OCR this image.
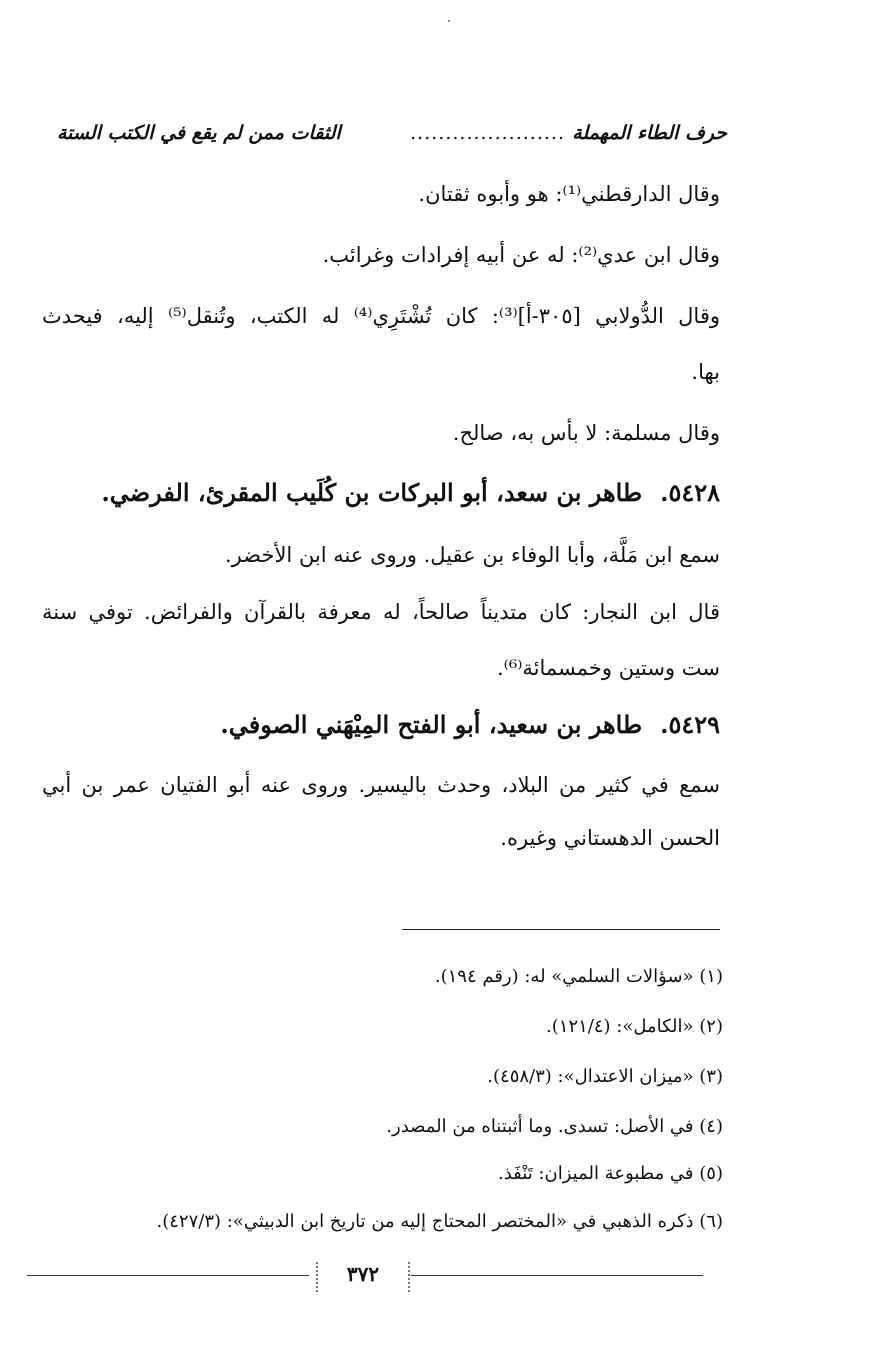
حرف الطاء المهملة
......................
الثقات ممن لم يقع في الكتب الستة
وقال الدارقطني⁽¹⁾: هو وأبوه ثقتان.
وقال ابن عدي⁽²⁾: له عن أبيه إفرادات وغرائب.
وقال الدُّولابي [٣٠٥-أ]⁽³⁾: كان تُشْتَرِي⁽⁴⁾ له الكتب، وتُنقل⁽⁵⁾ إليه، فيحدث
بها.
وقال مسلمة: لا بأس به، صالح.
٥٤٢٨.طاهر بن سعد، أبو البركات بن كُلَيب المقرئ، الفرضي.
سمع ابن مَلَّة، وأبا الوفاء بن عقيل. وروى عنه ابن الأخضر.
قال ابن النجار: كان متديناً صالحاً، له معرفة بالقرآن والفرائض. توفي سنة
ست وستين وخمسمائة⁽⁶⁾.
٥٤٢٩.طاهر بن سعيد، أبو الفتح المِيْهَني الصوفي.
سمع في كثير من البلاد، وحدث باليسير. وروى عنه أبو الفتيان عمر بن أبي
الحسن الدهستاني وغيره.
(١) «سؤالات السلمي» له: (رقم ١٩٤).
(٢) «الكامل»: (١٢١/٤).
(٣) «ميزان الاعتدال»: (٤٥٨/٣).
(٤) في الأصل: تسدى. وما أثبتناه من المصدر.
(٥) في مطبوعة الميزان: تَنْفَذ.
(٦) ذكره الذهبي في «المختصر المحتاج إليه من تاريخ ابن الدبيثي»: (٤٢٧/٣).
٣٧٢
